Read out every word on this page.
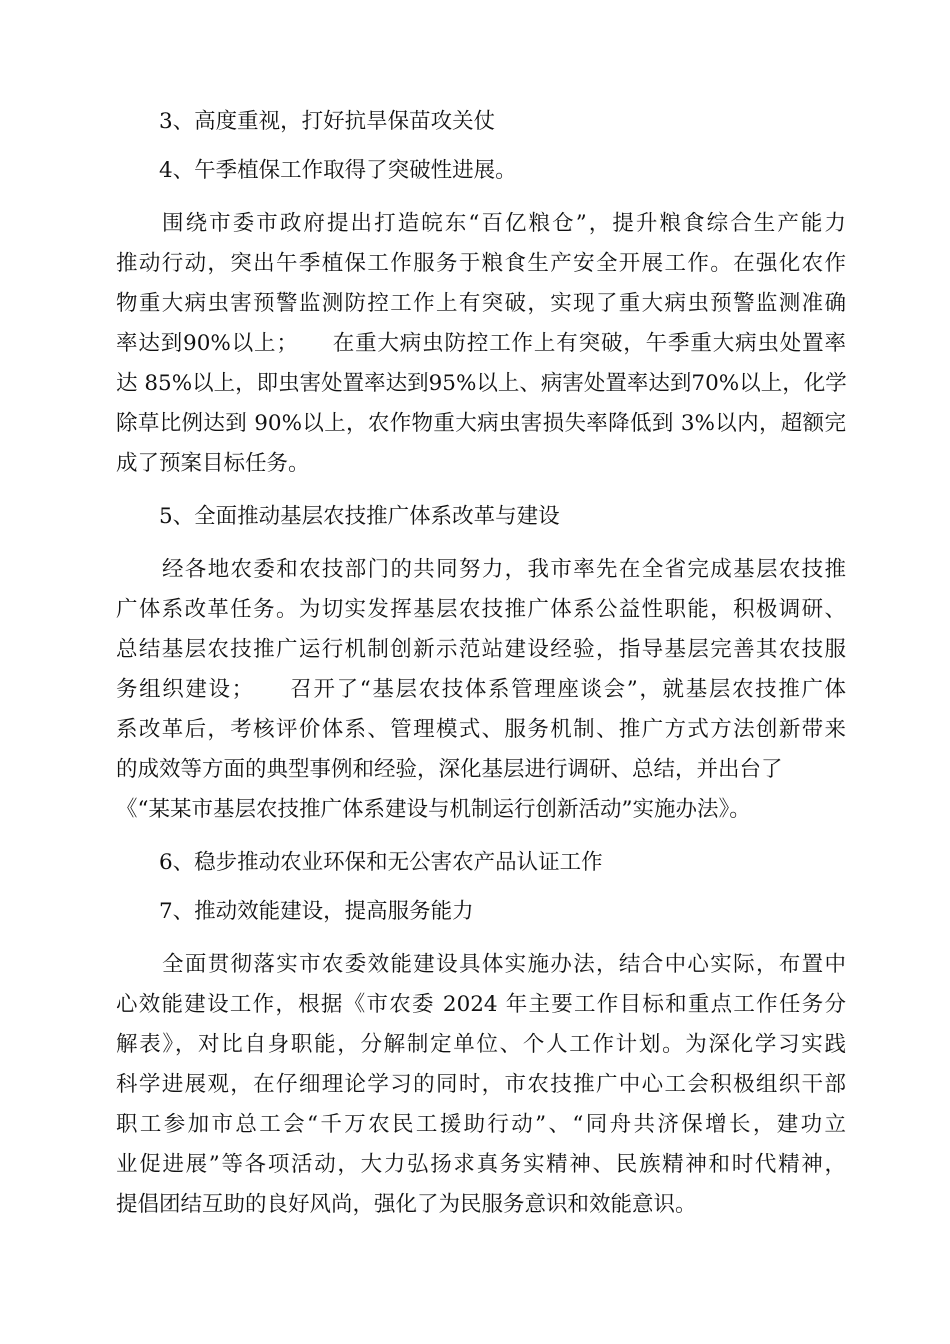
3、高度重视，打好抗旱保苗攻关仗
4、午季植保工作取得了突破性进展。
围绕市委市政府提出打造皖东“百亿粮仓”，提升粮食综合生产能力
推动行动，突出午季植保工作服务于粮食生产安全开展工作。在强化农作
物重大病虫害预警监测防控工作上有突破，实现了重大病虫预警监测准确
率达到90%以上；　　在重大病虫防控工作上有突破，午季重大病虫处置率
达 85%以上，即虫害处置率达到95%以上、病害处置率达到70%以上，化学
除草比例达到 90%以上，农作物重大病虫害损失率降低到 3%以内，超额完
成了预案目标任务。
5、全面推动基层农技推广体系改革与建设
经各地农委和农技部门的共同努力，我市率先在全省完成基层农技推
广体系改革任务。为切实发挥基层农技推广体系公益性职能，积极调研、
总结基层农技推广运行机制创新示范站建设经验，指导基层完善其农技服
务组织建设；　　召开了“基层农技体系管理座谈会”，就基层农技推广体
系改革后，考核评价体系、管理模式、服务机制、推广方式方法创新带来
的成效等方面的典型事例和经验，深化基层进行调研、总结，并出台了
《“某某市基层农技推广体系建设与机制运行创新活动”实施办法》。
6、稳步推动农业环保和无公害农产品认证工作
7、推动效能建设，提高服务能力
全面贯彻落实市农委效能建设具体实施办法，结合中心实际，布置中
心效能建设工作，根据《市农委 2024 年主要工作目标和重点工作任务分
解表》，对比自身职能，分解制定单位、个人工作计划。为深化学习实践
科学进展观，在仔细理论学习的同时，市农技推广中心工会积极组织干部
职工参加市总工会“千万农民工援助行动”、“同舟共济保增长，建功立
业促进展”等各项活动，大力弘扬求真务实精神、民族精神和时代精神，
提倡团结互助的良好风尚，强化了为民服务意识和效能意识。
